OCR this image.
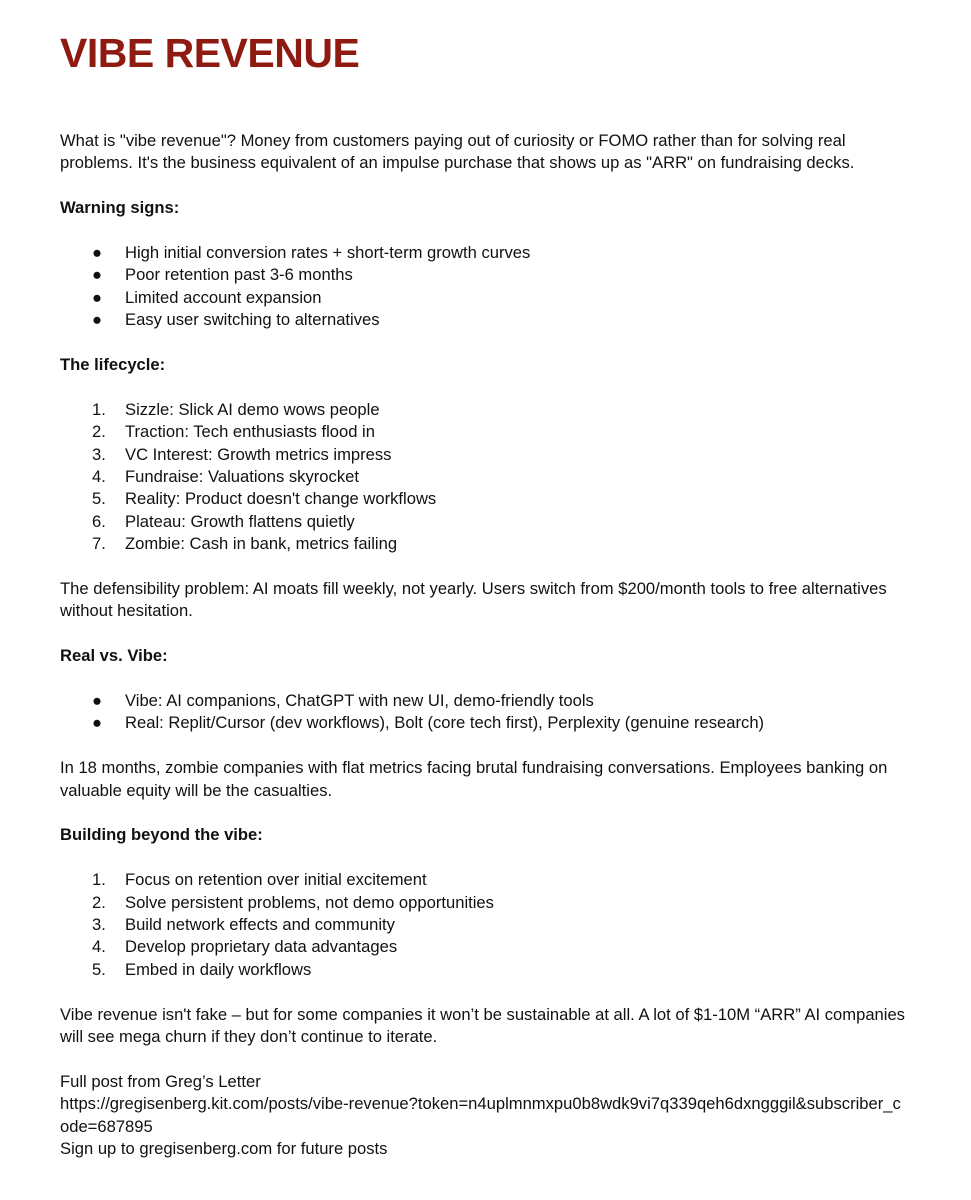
VIBE REVENUE

What is "vibe revenue"? Money from customers paying out of curiosity or FOMO rather than for solving real problems. It's the business equivalent of an impulse purchase that shows up as "ARR" on fundraising decks.

Warning signs:
● High initial conversion rates + short-term growth curves
● Poor retention past 3-6 months
● Limited account expansion
● Easy user switching to alternatives
The lifecycle:
1. Sizzle: Slick AI demo wows people
2. Traction: Tech enthusiasts flood in
3. VC Interest: Growth metrics impress
4. Fundraise: Valuations skyrocket
5. Reality: Product doesn't change workflows
6. Plateau: Growth flattens quietly
7. Zombie: Cash in bank, metrics failing

The defensibility problem: AI moats fill weekly, not yearly. Users switch from $200/month tools to free alternatives without hesitation.

Real vs. Vibe:
● Vibe: AI companions, ChatGPT with new UI, demo-friendly tools
● Real: Replit/Cursor (dev workflows), Bolt (core tech first), Perplexity (genuine research)

In 18 months, zombie companies with flat metrics facing brutal fundraising conversations. Employees banking on valuable equity will be the casualties.

Building beyond the vibe:
1. Focus on retention over initial excitement
2. Solve persistent problems, not demo opportunities
3. Build network effects and community
4. Develop proprietary data advantages
5. Embed in daily workflows

Vibe revenue isn't fake – but for some companies it won’t be sustainable at all. A lot of $1-10M “ARR” AI companies will see mega churn if they don’t continue to iterate.

Full post from Greg’s Letter

https://gregisenberg.kit.com/posts/vibe-revenue?token=n4uplmnmxpu0b8wdk9vi7q339qeh6dxngggil&subscriber_code=687895

Sign up to gregisenberg.com for future posts
